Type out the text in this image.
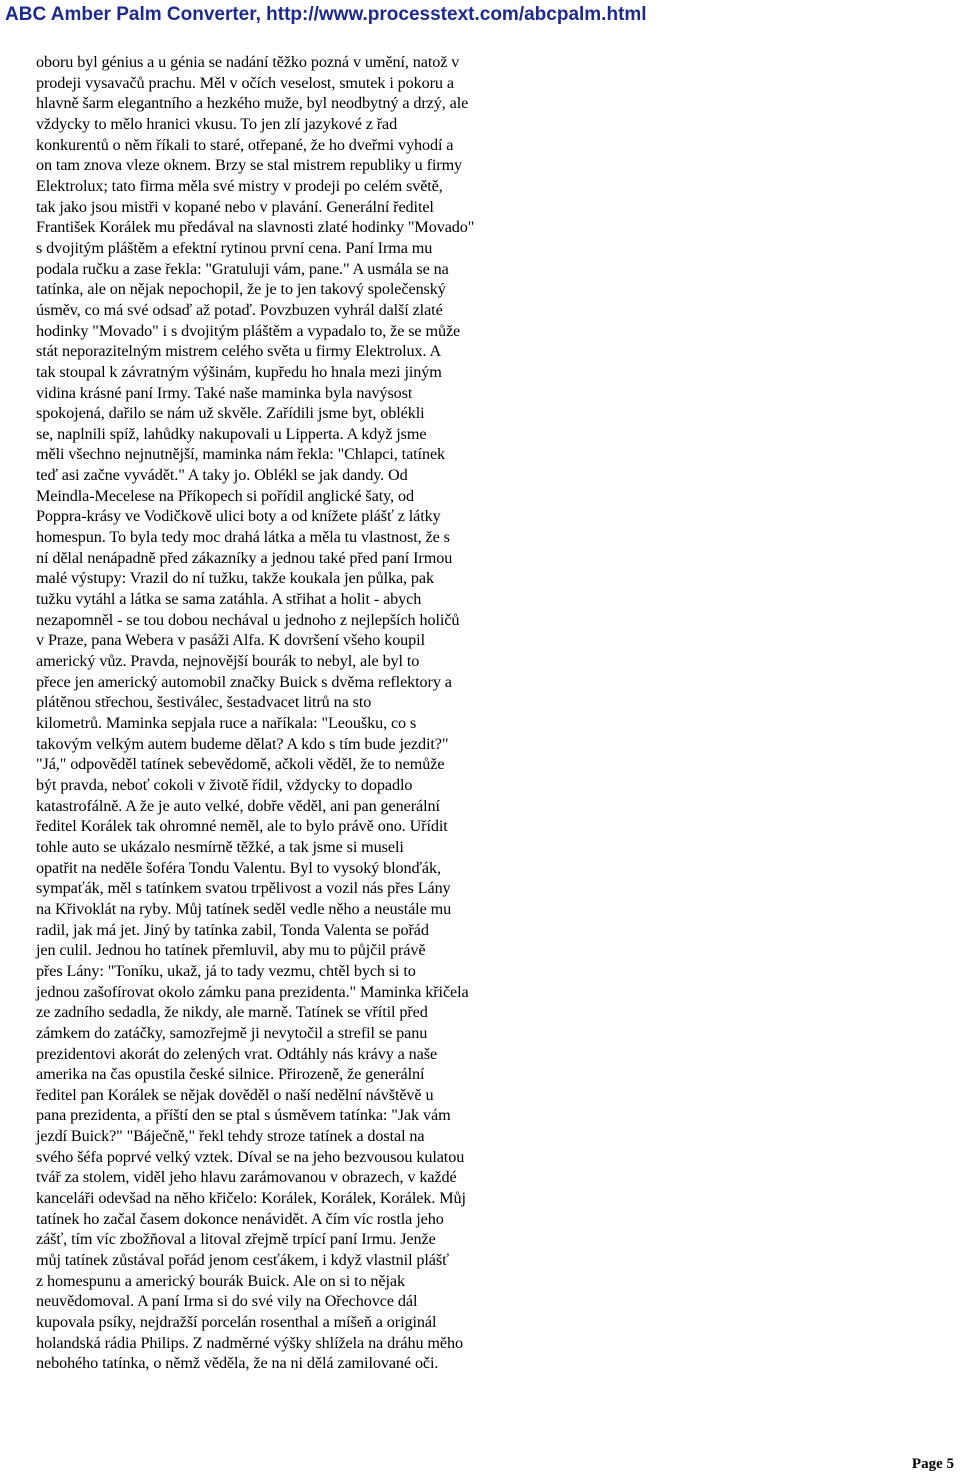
ABC Amber Palm Converter, http://www.processtext.com/abcpalm.html
oboru byl génius a u génia se nadání těžko pozná v umění, natož v
prodeji vysavačů prachu. Měl v očích veselost, smutek i pokoru a
hlavně šarm elegantního a hezkého muže, byl neodbytný a drzý, ale
vždycky to mělo hranici vkusu. To jen zlí jazykové z řad
konkurentů o něm říkali to staré, otřepané, že ho dveřmi vyhodí a
on tam znova vleze oknem. Brzy se stal mistrem republiky u firmy
Elektrolux; tato firma měla své mistry v prodeji po celém světě,
tak jako jsou mistři v kopané nebo v plavání. Generální ředitel
František Korálek mu předával na slavnosti zlaté hodinky "Movado"
s dvojitým pláštěm a efektní rytinou první cena. Paní Irma mu
podala ručku a zase řekla: "Gratuluji vám, pane." A usmála se na
tatínka, ale on nějak nepochopil, že je to jen takový společenský
úsměv, co má své odsaď až potaď. Povzbuzen vyhrál další zlaté
hodinky "Movado" i s dvojitým pláštěm a vypadalo to, že se může
stát neporazitelným mistrem celého světa u firmy Elektrolux. A
tak stoupal k závratným výšinám, kupředu ho hnala mezi jiným
vidina krásné paní Irmy. Také naše maminka byla navýsost
spokojená, dařilo se nám už skvěle. Zařídili jsme byt, oblékli
se, naplnili spíž, lahůdky nakupovali u Lipperta. A když jsme
měli všechno nejnutnější, maminka nám řekla: "Chlapci, tatínek
teď asi začne vyvádět." A taky jo. Oblékl se jak dandy. Od
Meindla-Mecelese na Příkopech si pořídil anglické šaty, od
Poppra-krásy ve Vodičkově ulici boty a od knížete plášť z látky
homespun. To byla tedy moc drahá látka a měla tu vlastnost, že s
ní dělal nenápadně před zákazníky a jednou také před paní Irmou
malé výstupy: Vrazil do ní tužku, takže koukala jen půlka, pak
tužku vytáhl a látka se sama zatáhla. A střihat a holit - abych
nezapomněl - se tou dobou nechával u jednoho z nejlepších holičů
v Praze, pana Webera v pasáži Alfa. K dovršení všeho koupil
americký vůz. Pravda, nejnovější bourák to nebyl, ale byl to
přece jen americký automobil značky Buick s dvěma reflektory a
plátěnou střechou, šestiválec, šestadvacet litrů na sto
kilometrů. Maminka sepjala ruce a naříkala: "Leoušku, co s
takovým velkým autem budeme dělat? A kdo s tím bude jezdit?"
"Já," odpověděl tatínek sebevědomě, ačkoli věděl, že to nemůže
být pravda, neboť cokoli v životě řídil, vždycky to dopadlo
katastrofálně. A že je auto velké, dobře věděl, ani pan generální
ředitel Korálek tak ohromné neměl, ale to bylo právě ono. Uřídit
tohle auto se ukázalo nesmírně těžké, a tak jsme si museli
opatřit na neděle šoféra Tondu Valentu. Byl to vysoký blonďák,
sympaťák, měl s tatínkem svatou trpělivost a vozil nás přes Lány
na Křivoklát na ryby. Můj tatínek seděl vedle něho a neustále mu
radil, jak má jet. Jiný by tatínka zabil, Tonda Valenta se pořád
jen culil. Jednou ho tatínek přemluvil, aby mu to půjčil právě
přes Lány: "Toníku, ukaž, já to tady vezmu, chtěl bych si to
jednou zašofírovat okolo zámku pana prezidenta." Maminka křičela
ze zadního sedadla, že nikdy, ale marně. Tatínek se vřítil před
zámkem do zatáčky, samozřejmě ji nevytočil a strefil se panu
prezidentovi akorát do zelených vrat. Odtáhly nás krávy a naše
amerika na čas opustila české silnice. Přirozeně, že generální
ředitel pan Korálek se nějak dověděl o naší nedělní návštěvě u
pana prezidenta, a příští den se ptal s úsměvem tatínka: "Jak vám
jezdí Buick?" "Báječně," řekl tehdy stroze tatínek a dostal na
svého šéfa poprvé velký vztek. Díval se na jeho bezvousou kulatou
tvář za stolem, viděl jeho hlavu zarámovanou v obrazech, v každé
kanceláři odevšad na něho křičelo: Korálek, Korálek, Korálek. Můj
tatínek ho začal časem dokonce nenávidět. A čím víc rostla jeho
zášť, tím víc zbožňoval a litoval zřejmě trpící paní Irmu. Jenže
můj tatínek zůstával pořád jenom cesťákem, i když vlastnil plášť
z homespunu a americký bourák Buick. Ale on si to nějak
neuvědomoval. A paní Irma si do své vily na Ořechovce dál
kupovala psíky, nejdražší porcelán rosenthal a míšeň a originál
holandská rádia Philips. Z nadměrné výšky shlížela na dráhu měho
nebohého tatínka, o němž věděla, že na ni dělá zamilované oči.
Page 5
